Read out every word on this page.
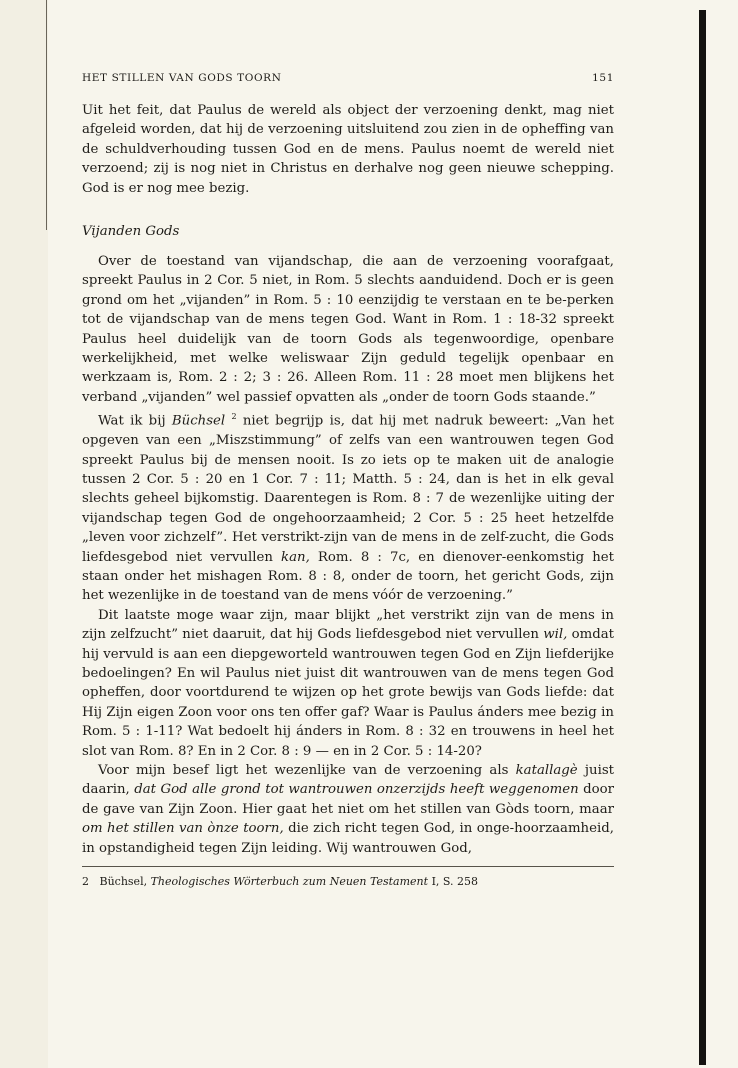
HET STILLEN VAN GODS TOORN	151

Uit het feit, dat Paulus de wereld als object der verzoening denkt, mag niet afgeleid worden, dat hij de verzoening uitsluitend zou zien in de opheffing van de schuldverhouding tussen God en de mens. Paulus noemt de wereld niet verzoend; zij is nog niet in Christus en derhalve nog geen nieuwe schepping. God is er nog mee bezig.

Vijanden Gods

Over de toestand van vijandschap, die aan de verzoening voorafgaat, spreekt Paulus in 2 Cor. 5 niet, in Rom. 5 slechts aanduidend. Doch er is geen grond om het „vijanden” in Rom. 5 : 10 eenzijdig te verstaan en te be-perken tot de vijandschap van de mens tegen God. Want in Rom. 1 : 18-32 spreekt Paulus heel duidelijk van de toorn Gods als tegenwoordige, openbare werkelijkheid, met welke weliswaar Zijn geduld tegelijk openbaar en werkzaam is, Rom. 2 : 2; 3 : 26. Alleen Rom. 11 : 28 moet men blijkens het verband „vijanden” wel passief opvatten als „onder de toorn Gods staande.”

Wat ik bij Büchsel $^2$ niet begrijp is, dat hij met nadruk beweert: „Van het opgeven van een „Miszstimmung” of zelfs van een wantrouwen tegen God spreekt Paulus bij de mensen nooit. Is zo iets op te maken uit de analogie tussen 2 Cor. 5 : 20 en 1 Cor. 7 : 11; Matth. 5 : 24, dan is het in elk geval slechts geheel bijkomstig. Daarentegen is Rom. 8 : 7 de wezenlijke uiting der vijandschap tegen God de ongehoorzaamheid; 2 Cor. 5 : 25 heet hetzelfde „leven voor zichzelf”. Het verstrikt-zijn van de mens in de zelf-zucht, die Gods liefdesgebod niet vervullen kan, Rom. 8 : 7c, en dienover-eenkomstig het staan onder het mishagen Rom. 8 : 8, onder de toorn, het gericht Gods, zijn het wezenlijke in de toestand van de mens vóór de verzoening.”

Dit laatste moge waar zijn, maar blijkt „het verstrikt zijn van de mens in zijn zelfzucht” niet daaruit, dat hij Gods liefdesgebod niet vervullen wil, omdat hij vervuld is aan een diepgeworteld wantrouwen tegen God en Zijn liefderijke bedoelingen? En wil Paulus niet juist dit wantrouwen van de mens tegen God opheffen, door voortdurend te wijzen op het grote bewijs van Gods liefde: dat Hij Zijn eigen Zoon voor ons ten offer gaf? Waar is Paulus ánders mee bezig in Rom. 5 : 1-11? Wat bedoelt hij ánders in Rom. 8 : 32 en trouwens in heel het slot van Rom. 8? En in 2 Cor. 8 : 9 — en in 2 Cor. 5 : 14-20?

Voor mijn besef ligt het wezenlijke van de verzoening als katallagè juist daarin, dat God alle grond tot wantrouwen onzerzijds heeft weggenomen door de gave van Zijn Zoon. Hier gaat het niet om het stillen van Gòds toorn, maar om het stillen van ònze toorn, die zich richt tegen God, in onge-hoorzaamheid, in opstandigheid tegen Zijn leiding. Wij wantrouwen God,

2 Büchsel, Theologisches Wörterbuch zum Neuen Testament I, S. 258
